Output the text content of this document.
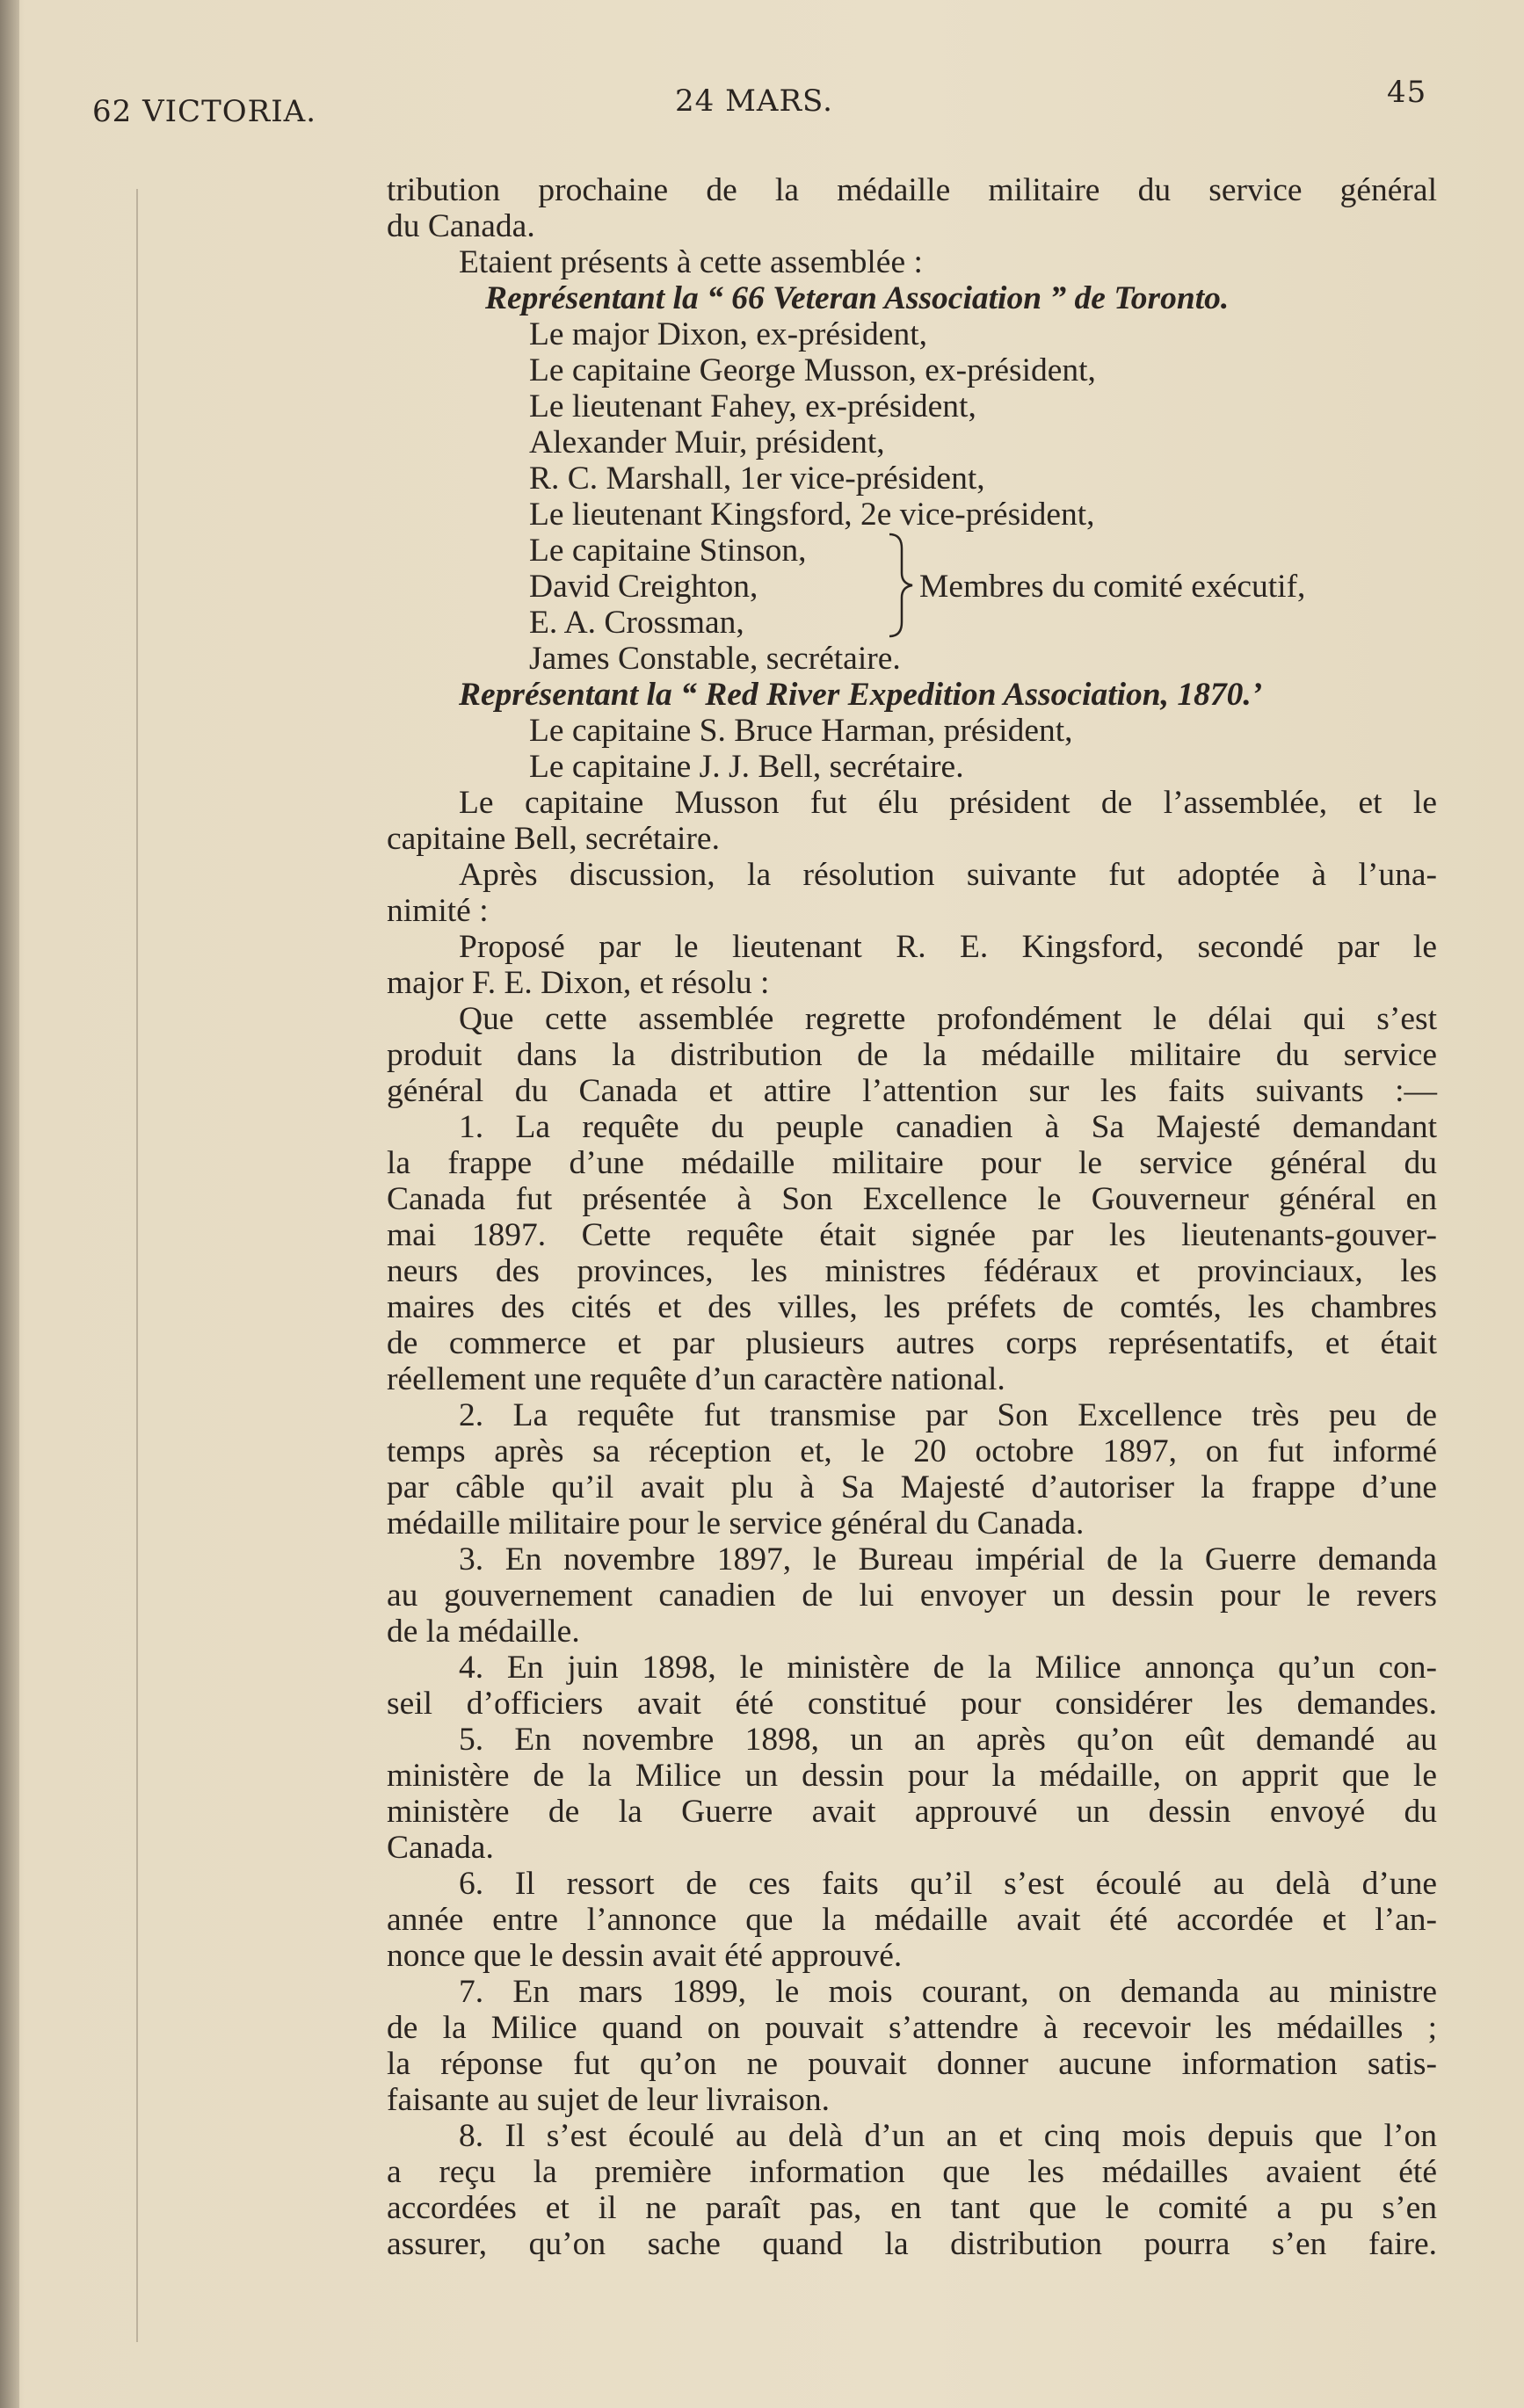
62 VICTORIA.	24 MARS.	45
tribution prochaine de la médaille militaire du service général
du Canada.
Etaient présents à cette assemblée :
Représentant la “ 66 Veteran Association ” de Toronto.
Le major Dixon, ex-président,
Le capitaine George Musson, ex-président,
Le lieutenant Fahey, ex-président,
Alexander Muir, président,
R. C. Marshall, 1er vice-président,
Le lieutenant Kingsford, 2e vice-président,
Le capitaine Stinson,
David Creighton,
E. A. Crossman,
Membres du comité exécutif,
James Constable, secrétaire.
Représentant la “ Red River Expedition Association, 1870.’
Le capitaine S. Bruce Harman, président,
Le capitaine J. J. Bell, secrétaire.
Le capitaine Musson fut élu président de l’assemblée, et le
capitaine Bell, secrétaire.
Après discussion, la résolution suivante fut adoptée à l’una-
nimité :
Proposé par le lieutenant R. E. Kingsford, secondé par le
major F. E. Dixon, et résolu :
Que cette assemblée regrette profondément le délai qui s’est
produit dans la distribution de la médaille militaire du service
général du Canada et attire l’attention sur les faits suivants :—
1. La requête du peuple canadien à Sa Majesté demandant
la frappe d’une médaille militaire pour le service général du
Canada fut présentée à Son Excellence le Gouverneur général en
mai 1897. Cette requête était signée par les lieutenants-gouver-
neurs des provinces, les ministres fédéraux et provinciaux, les
maires des cités et des villes, les préfets de comtés, les chambres
de commerce et par plusieurs autres corps représentatifs, et était
réellement une requête d’un caractère national.
2. La requête fut transmise par Son Excellence très peu de
temps après sa réception et, le 20 octobre 1897, on fut informé
par câble qu’il avait plu à Sa Majesté d’autoriser la frappe d’une
médaille militaire pour le service général du Canada.
3. En novembre 1897, le Bureau impérial de la Guerre demanda
au gouvernement canadien de lui envoyer un dessin pour le revers
de la médaille.
4. En juin 1898, le ministère de la Milice annonça qu’un con-
seil d’officiers avait été constitué pour considérer les demandes.
5. En novembre 1898, un an après qu’on eût demandé au
ministère de la Milice un dessin pour la médaille, on apprit que le
ministère de la Guerre avait approuvé un dessin envoyé du
Canada.
6. Il ressort de ces faits qu’il s’est écoulé au delà d’une
année entre l’annonce que la médaille avait été accordée et l’an-
nonce que le dessin avait été approuvé.
7. En mars 1899, le mois courant, on demanda au ministre
de la Milice quand on pouvait s’attendre à recevoir les médailles ;
la réponse fut qu’on ne pouvait donner aucune information satis-
faisante au sujet de leur livraison.
8. Il s’est écoulé au delà d’un an et cinq mois depuis que l’on
a reçu la première information que les médailles avaient été
accordées et il ne paraît pas, en tant que le comité a pu s’en
assurer, qu’on sache quand la distribution pourra s’en faire.
